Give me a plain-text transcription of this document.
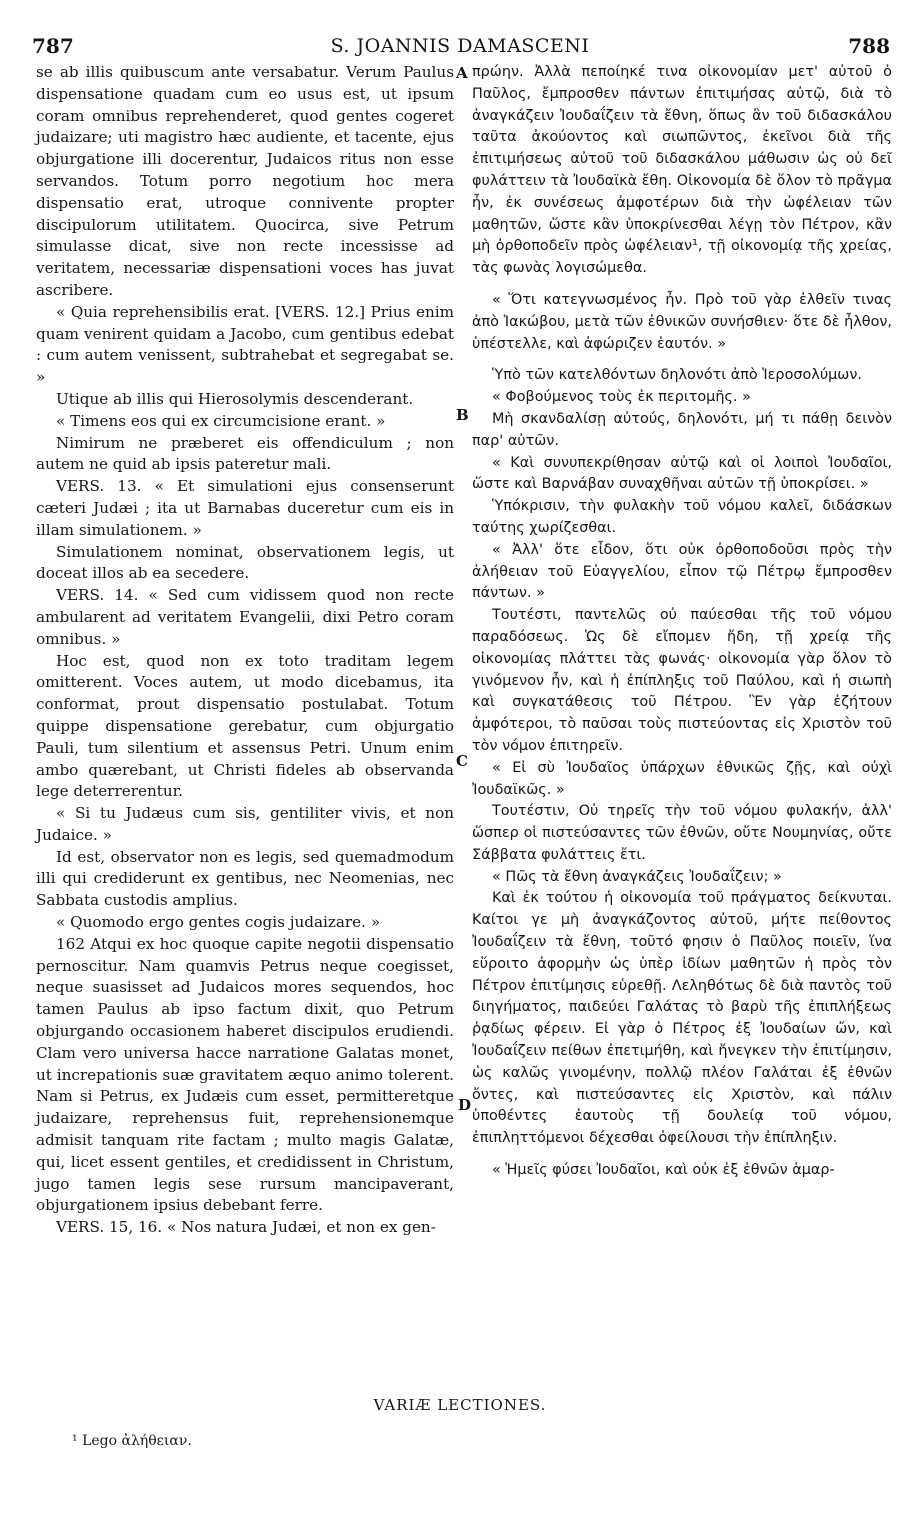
787	S. JOANNIS DAMASCENI	788

se ab illis quibuscum ante versabatur. Verum Paulus dispensatione quadam cum eo usus est, ut ipsum coram omnibus reprehenderet, quod gentes cogeret judaizare; uti magistro hæc audiente, et tacente, ejus objurgatione illi docerentur, Judaicos ritus non esse servandos. Totum porro negotium hoc mera dispensatio erat, utroque connivente propter discipulorum utilitatem. Quocirca, sive Petrum simulasse dicat, sive non recte incessisse ad veritatem, necessariæ dispensationi voces has juvat ascribere.

« Quia reprehensibilis erat. [VERS. 12.] Prius enim quam venirent quidam a Jacobo, cum gentibus edebat : cum autem venissent, subtrahebat et segregabat se. »

Utique ab illis qui Hierosolymis descenderant.

« Timens eos qui ex circumcisione erant. »

Nimirum ne præberet eis offendiculum ; non autem ne quid ab ipsis pateretur mali.

VERS. 13. « Et simulationi ejus consenserunt cæteri Judæi ; ita ut Barnabas duceretur cum eis in illam simulationem. »

Simulationem nominat, observationem legis, ut doceat illos ab ea secedere.

VERS. 14. « Sed cum vidissem quod non recte ambularent ad veritatem Evangelii, dixi Petro coram omnibus. »

Hoc est, quod non ex toto traditam legem omitterent. Voces autem, ut modo dicebamus, ita conformat, prout dispensatio postulabat. Totum quippe dispensatione gerebatur, cum objurgatio Pauli, tum silentium et assensus Petri. Unum enim ambo quærebant, ut Christi fideles ab observanda lege deterrerentur.

« Si tu Judæus cum sis, gentiliter vivis, et non Judaice. »

Id est, observator non es legis, sed quemadmodum illi qui crediderunt ex gentibus, nec Neomenias, nec Sabbata custodis amplius.

« Quomodo ergo gentes cogis judaizare. »

162 Atqui ex hoc quoque capite negotii dispensatio pernoscitur. Nam quamvis Petrus neque coegisset, neque suasisset ad Judaicos mores sequendos, hoc tamen Paulus ab ipso factum dixit, quo Petrum objurgando occasionem haberet discipulos erudiendi. Clam vero universa hacce narratione Galatas monet, ut increpationis suæ gravitatem æquo animo tolerent. Nam si Petrus, ex Judæis cum esset, permitteretque judaizare, reprehensus fuit, reprehensionemque admisit tanquam rite factam ; multo magis Galatæ, qui, licet essent gentiles, et credidissent in Christum, jugo tamen legis sese rursum mancipaverant, objurgationem ipsius debebant ferre.

VERS. 15, 16. « Nos natura Judæi, et non ex gen-

πρώην. Ἀλλὰ πεποίηκέ τινα οἰκονομίαν μετ' αὐτοῦ ὁ Παῦλος, ἔμπροσθεν πάντων ἐπιτιμήσας αὐτῷ, διὰ τὸ ἀναγκάζειν Ἰουδαΐζειν τὰ ἔθνη, ὅπως ἂν τοῦ διδασκάλου ταῦτα ἀκούοντος καὶ σιωπῶντος, ἐκεῖνοι διὰ τῆς ἐπιτιμήσεως αὐτοῦ τοῦ διδασκάλου μάθωσιν ὡς οὐ δεῖ φυλάττειν τὰ Ἰουδαϊκὰ ἔθη. Οἰκονομία δὲ ὅλον τὸ πρᾶγμα ἦν, ἐκ συνέσεως ἀμφοτέρων διὰ τὴν ὠφέλειαν τῶν μαθητῶν, ὥστε κἂν ὑποκρίνεσθαι λέγῃ τὸν Πέτρον, κἂν μὴ ὀρθοποδεῖν πρὸς ὠφέλειαν¹, τῇ οἰκονομίᾳ τῆς χρείας, τὰς φωνὰς λογισώμεθα.

« Ὅτι κατεγνωσμένος ἦν. Πρὸ τοῦ γὰρ ἐλθεῖν τινας ἀπὸ Ἰακώβου, μετὰ τῶν ἐθνικῶν συνήσθιεν· ὅτε δὲ ἦλθον, ὑπέστελλε, καὶ ἀφώριζεν ἑαυτόν. »

Ὑπὸ τῶν κατελθόντων δηλονότι ἀπὸ Ἱεροσολύμων.

« Φοβούμενος τοὺς ἐκ περιτομῆς. »

Μὴ σκανδαλίσῃ αὐτούς, δηλονότι, μή τι πάθῃ δεινὸν παρ' αὐτῶν.

« Καὶ συνυπεκρίθησαν αὐτῷ καὶ οἱ λοιποὶ Ἰουδαῖοι, ὥστε καὶ Βαρνάβαν συναχθῆναι αὐτῶν τῇ ὑποκρίσει. »

Ὑπόκρισιν, τὴν φυλακὴν τοῦ νόμου καλεῖ, διδάσκων ταύτης χωρίζεσθαι.

« Ἀλλ' ὅτε εἶδον, ὅτι οὐκ ὀρθοποδοῦσι πρὸς τὴν ἀλήθειαν τοῦ Εὐαγγελίου, εἶπον τῷ Πέτρῳ ἔμπροσθεν πάντων. »

Τουτέστι, παντελῶς οὐ παύεσθαι τῆς τοῦ νόμου παραδόσεως. Ὡς δὲ εἴπομεν ἤδη, τῇ χρείᾳ τῆς οἰκονομίας πλάττει τὰς φωνάς· οἰκονομία γὰρ ὅλον τὸ γινόμενον ἦν, καὶ ἡ ἐπίπληξις τοῦ Παύλου, καὶ ἡ σιωπὴ καὶ συγκατάθεσις τοῦ Πέτρου. Ἓν γὰρ ἐζήτουν ἀμφότεροι, τὸ παῦσαι τοὺς πιστεύοντας εἰς Χριστὸν τοῦ τὸν νόμον ἐπιτηρεῖν.

« Εἰ σὺ Ἰουδαῖος ὑπάρχων ἐθνικῶς ζῇς, καὶ οὐχὶ Ἰουδαϊκῶς. »

Τουτέστιν, Οὐ τηρεῖς τὴν τοῦ νόμου φυλακήν, ἀλλ' ὥσπερ οἱ πιστεύσαντες τῶν ἐθνῶν, οὔτε Νουμηνίας, οὔτε Σάββατα φυλάττεις ἔτι.

« Πῶς τὰ ἔθνη ἀναγκάζεις Ἰουδαΐζειν; »

Καὶ ἐκ τούτου ἡ οἰκονομία τοῦ πράγματος δείκνυται. Καίτοι γε μὴ ἀναγκάζοντος αὐτοῦ, μήτε πείθοντος Ἰουδαΐζειν τὰ ἔθνη, τοῦτό φησιν ὁ Παῦλος ποιεῖν, ἵνα εὕροιτο ἀφορμὴν ὡς ὑπὲρ ἰδίων μαθητῶν ἡ πρὸς τὸν Πέτρον ἐπιτίμησις εὑρεθῇ. Λεληθότως δὲ διὰ παντὸς τοῦ διηγήματος, παιδεύει Γαλάτας τὸ βαρὺ τῆς ἐπιπλήξεως ῥᾳδίως φέρειν. Εἰ γὰρ ὁ Πέτρος ἐξ Ἰουδαίων ὤν, καὶ Ἰουδαΐζειν πείθων ἐπετιμήθη, καὶ ἤνεγκεν τὴν ἐπιτίμησιν, ὡς καλῶς γινομένην, πολλῷ πλέον Γαλάται ἐξ ἐθνῶν ὄντες, καὶ πιστεύσαντες εἰς Χριστὸν, καὶ πάλιν ὑποθέντες ἑαυτοὺς τῇ δουλείᾳ τοῦ νόμου, ἐπιπληττόμενοι δέχεσθαι ὀφείλουσι τὴν ἐπίπληξιν.

« Ἡμεῖς φύσει Ἰουδαῖοι, καὶ οὐκ ἐξ ἐθνῶν ἁμαρ-

A
B
C
D
VARIÆ LECTIONES.
¹ Lego ἀλήθειαν.
